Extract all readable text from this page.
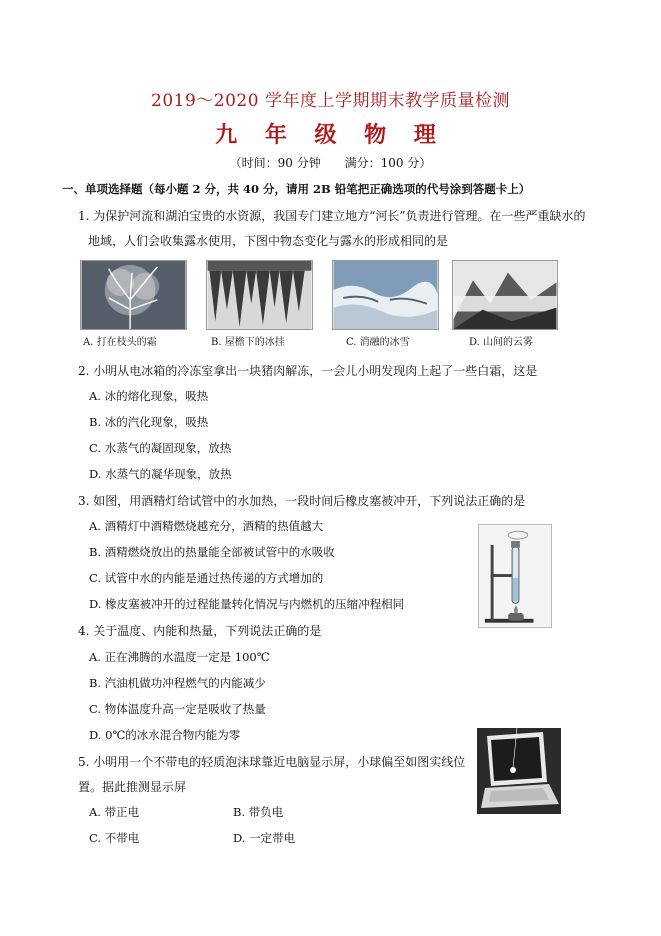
2019～2020 学年度上学期期末教学质量检测
九 年 级 物 理
（时间：90 分钟 满分：100 分）
一、单项选择题（每小题 2 分，共 40 分，请用 2B 铅笔把正确选项的代号涂到答题卡上）
1. 为保护河流和湖泊宝贵的水资源，我国专门建立地方“河长”负责进行管理。在一些严重缺水的
地域，人们会收集露水使用，下图中物态变化与露水的形成相同的是
A. 打在枝头的霜	B. 屋檐下的冰挂	C. 消融的冰雪	D. 山间的云雾
2. 小明从电冰箱的冷冻室拿出一块猪肉解冻，一会儿小明发现肉上起了一些白霜，这是
A. 冰的熔化现象，吸热
B. 冰的汽化现象，吸热
C. 水蒸气的凝固现象，放热
D. 水蒸气的凝华现象，放热
3. 如图，用酒精灯给试管中的水加热，一段时间后橡皮塞被冲开，下列说法正确的是
A. 酒精灯中酒精燃烧越充分，酒精的热值越大
B. 酒精燃烧放出的热量能全部被试管中的水吸收
C. 试管中水的内能是通过热传递的方式增加的
D. 橡皮塞被冲开的过程能量转化情况与内燃机的压缩冲程相同
4. 关于温度、内能和热量，下列说法正确的是
A. 正在沸腾的水温度一定是 100℃
B. 汽油机做功冲程燃气的内能减少
C. 物体温度升高一定是吸收了热量
D. 0℃的冰水混合物内能为零
5. 小明用一个不带电的轻质泡沫球靠近电脑显示屏，小球偏至如图实线位
置。据此推测显示屏
A. 带正电	B. 带负电
C. 不带电	D. 一定带电
